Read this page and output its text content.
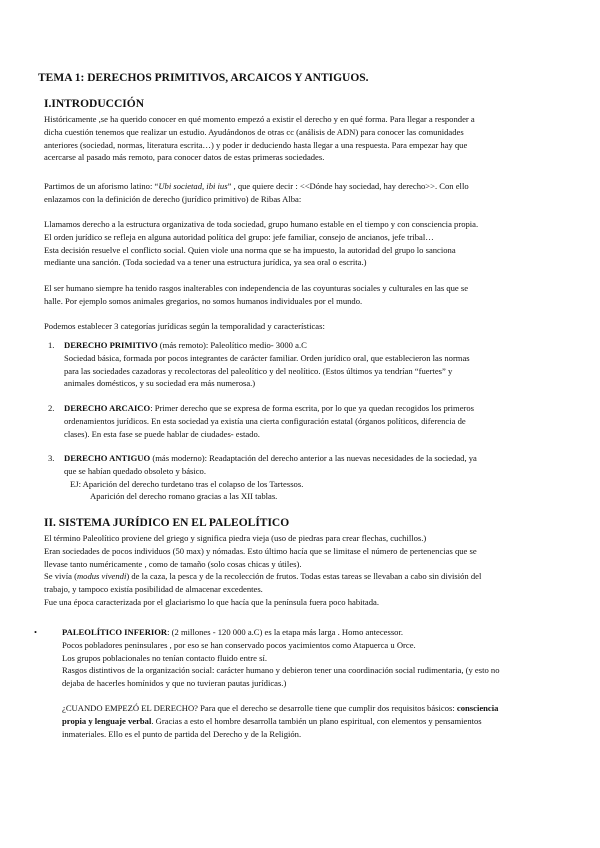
TEMA 1: DERECHOS PRIMITIVOS, ARCAICOS Y ANTIGUOS.
I.INTRODUCCIÓN
Históricamente ,se ha querido conocer en qué momento empezó a existir el derecho y en qué forma. Para llegar a responder a
dicha cuestión tenemos que realizar un estudio. Ayudándonos de otras cc (análisis de ADN) para conocer las comunidades
anteriores (sociedad, normas, literatura escrita…) y poder ir deduciendo hasta llegar a una respuesta. Para empezar hay que
acercarse al pasado más remoto, para conocer datos de estas primeras sociedades.
Partimos de un aforismo latino: “Ubi societad, ibi ius” , que quiere decir : <<Dónde hay sociedad, hay derecho>>. Con ello
enlazamos con la definición de derecho (jurídico primitivo) de Ribas Alba:
Llamamos derecho a la estructura organizativa de toda sociedad, grupo humano estable en el tiempo y con consciencia propia.
El orden jurídico se refleja en alguna autoridad política del grupo: jefe familiar, consejo de ancianos, jefe tribal…
Esta decisión resuelve el conflicto social. Quien viole una norma que se ha impuesto, la autoridad del grupo lo sanciona
mediante una sanción. (Toda sociedad va a tener una estructura jurídica, ya sea oral o escrita.)
El ser humano siempre ha tenido rasgos inalterables con independencia de las coyunturas sociales y culturales en las que se
halle. Por ejemplo somos animales gregarios, no somos humanos individuales por el mundo.
Podemos establecer 3 categorías jurídicas según la temporalidad y características:
1. DERECHO PRIMITIVO (más remoto): Paleolítico medio- 3000 a.C
Sociedad básica, formada por pocos integrantes de carácter familiar. Orden jurídico oral, que establecieron las normas
para las sociedades cazadoras y recolectoras del paleolítico y del neolítico. (Estos últimos ya tendrían “fuertes” y
animales domésticos, y su sociedad era más numerosa.)
2. DERECHO ARCAICO: Primer derecho que se expresa de forma escrita, por lo que ya quedan recogidos los primeros
ordenamientos jurídicos. En esta sociedad ya existía una cierta configuración estatal (órganos políticos, diferencia de
clases). En esta fase se puede hablar de ciudades- estado.
3. DERECHO ANTIGUO (más moderno): Readaptación del derecho anterior a las nuevas necesidades de la sociedad, ya
que se habían quedado obsoleto y básico.
EJ: Aparición del derecho turdetano tras el colapso de los Tartessos.
Aparición del derecho romano gracias a las XII tablas.
II. SISTEMA JURÍDICO EN EL PALEOLÍTICO
El término Paleolítico proviene del griego y significa piedra vieja (uso de piedras para crear flechas, cuchillos.)
Eran sociedades de pocos individuos (50 max) y nómadas. Esto último hacía que se limitase el número de pertenencias que se
llevase tanto numéricamente , como de tamaño (solo cosas chicas y útiles).
Se vivía (modus vivendi) de la caza, la pesca y de la recolección de frutos. Todas estas tareas se llevaban a cabo sin división del
trabajo, y tampoco existía posibilidad de almacenar excedentes.
Fue una época caracterizada por el glaciarismo lo que hacía que la península fuera poco habitada.
•	PALEOLÍTICO INFERIOR: (2 millones - 120 000 a.C) es la etapa más larga . Homo antecessor.
Pocos pobladores peninsulares , por eso se han conservado pocos yacimientos como Atapuerca u Orce.
Los grupos poblacionales no tenían contacto fluido entre sí.
Rasgos distintivos de la organización social: carácter humano y debieron tener una coordinación social rudimentaria, (y esto no
dejaba de hacerles homínidos y que no tuvieran pautas jurídicas.)
¿CUANDO EMPEZÓ EL DERECHO? Para que el derecho se desarrolle tiene que cumplir dos requisitos básicos: consciencia
propia y lenguaje verbal. Gracias a esto el hombre desarrolla también un plano espiritual, con elementos y pensamientos
inmateriales. Ello es el punto de partida del Derecho y de la Religión.
